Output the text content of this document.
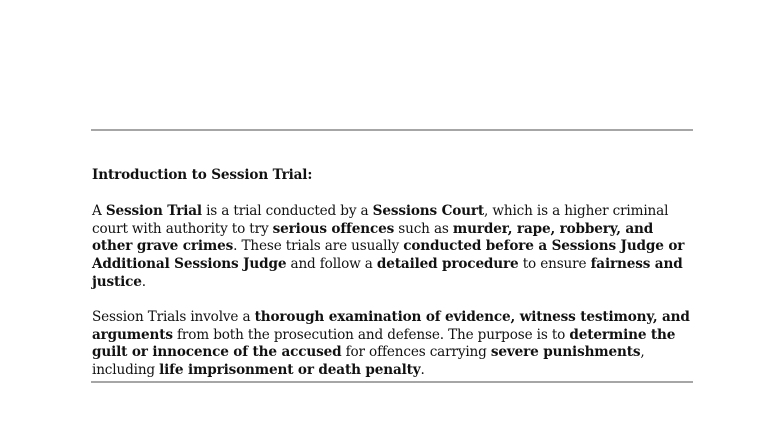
Introduction to Session Trial:

A Session Trial is a trial conducted by a Sessions Court, which is a higher criminal court with authority to try serious offences such as murder, rape, robbery, and other grave crimes. These trials are usually conducted before a Sessions Judge or Additional Sessions Judge and follow a detailed procedure to ensure fairness and justice.

Session Trials involve a thorough examination of evidence, witness testimony, and arguments from both the prosecution and defense. The purpose is to determine the guilt or innocence of the accused for offences carrying severe punishments, including life imprisonment or death penalty.
